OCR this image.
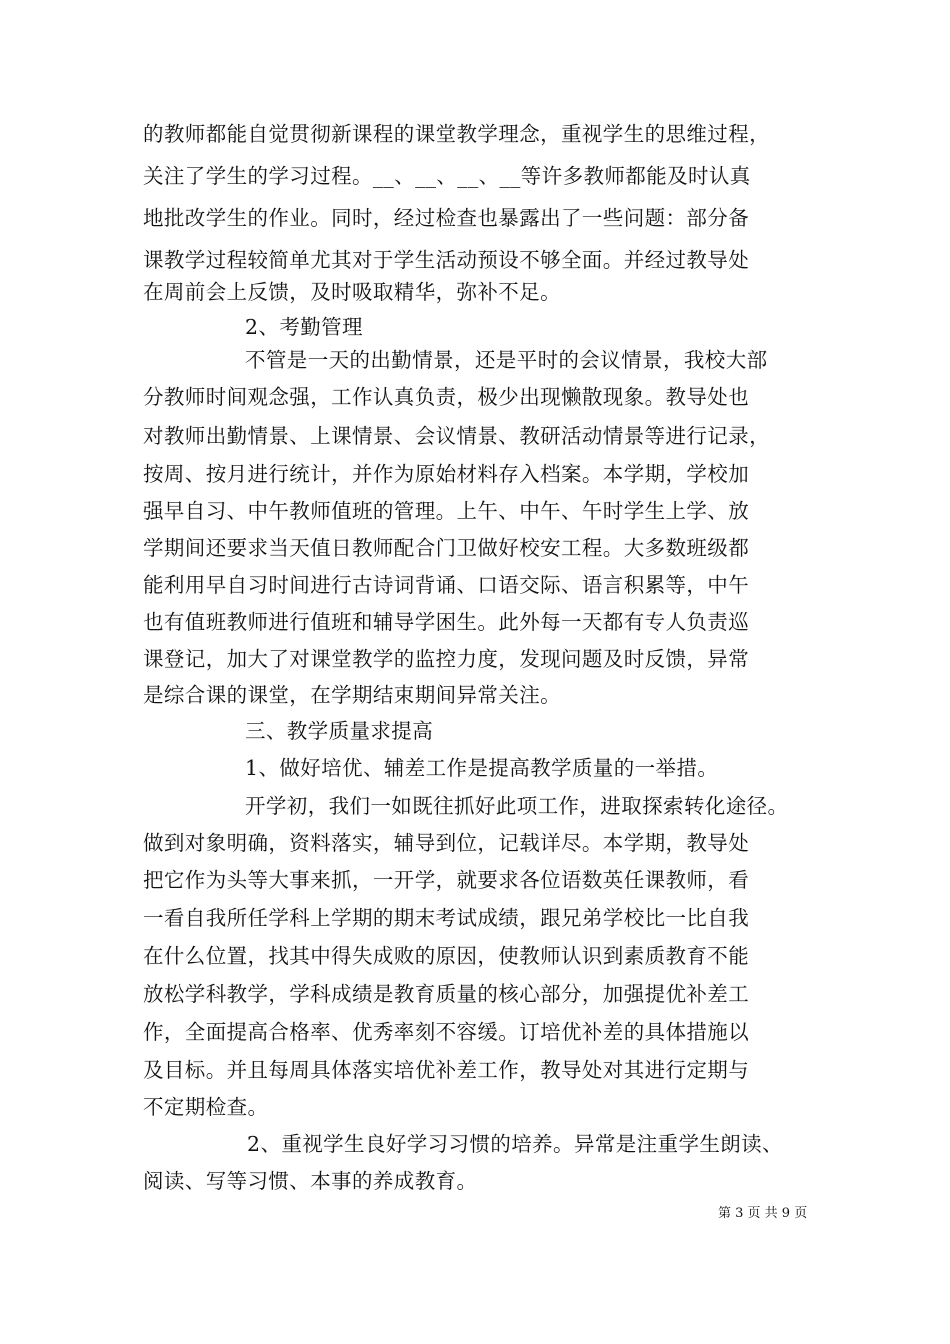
的教师都能自觉贯彻新课程的课堂教学理念，重视学生的思维过程，

关注了学生的学习过程。__、__、__、__等许多教师都能及时认真

地批改学生的作业。同时，经过检查也暴露出了一些问题：部分备

课教学过程较简单尤其对于学生活动预设不够全面。并经过教导处

在周前会上反馈，及时吸取精华，弥补不足。

2、考勤管理

不管是一天的出勤情景，还是平时的会议情景，我校大部

分教师时间观念强，工作认真负责，极少出现懒散现象。教导处也

对教师出勤情景、上课情景、会议情景、教研活动情景等进行记录，

按周、按月进行统计，并作为原始材料存入档案。本学期，学校加

强早自习、中午教师值班的管理。上午、中午、午时学生上学、放

学期间还要求当天值日教师配合门卫做好校安工程。大多数班级都

能利用早自习时间进行古诗词背诵、口语交际、语言积累等，中午

也有值班教师进行值班和辅导学困生。此外每一天都有专人负责巡

课登记，加大了对课堂教学的监控力度，发现问题及时反馈，异常

是综合课的课堂，在学期结束期间异常关注。

三、教学质量求提高

1、做好培优、辅差工作是提高教学质量的一举措。

开学初，我们一如既往抓好此项工作，进取探索转化途径。

做到对象明确，资料落实，辅导到位，记载详尽。本学期，教导处

把它作为头等大事来抓，一开学，就要求各位语数英任课教师，看

一看自我所任学科上学期的期末考试成绩，跟兄弟学校比一比自我

在什么位置，找其中得失成败的原因，使教师认识到素质教育不能

放松学科教学，学科成绩是教育质量的核心部分，加强提优补差工

作，全面提高合格率、优秀率刻不容缓。订培优补差的具体措施以

及目标。并且每周具体落实培优补差工作，教导处对其进行定期与

不定期检查。

2、重视学生良好学习习惯的培养。异常是注重学生朗读、

阅读、写等习惯、本事的养成教育。

第 3 页 共 9 页
